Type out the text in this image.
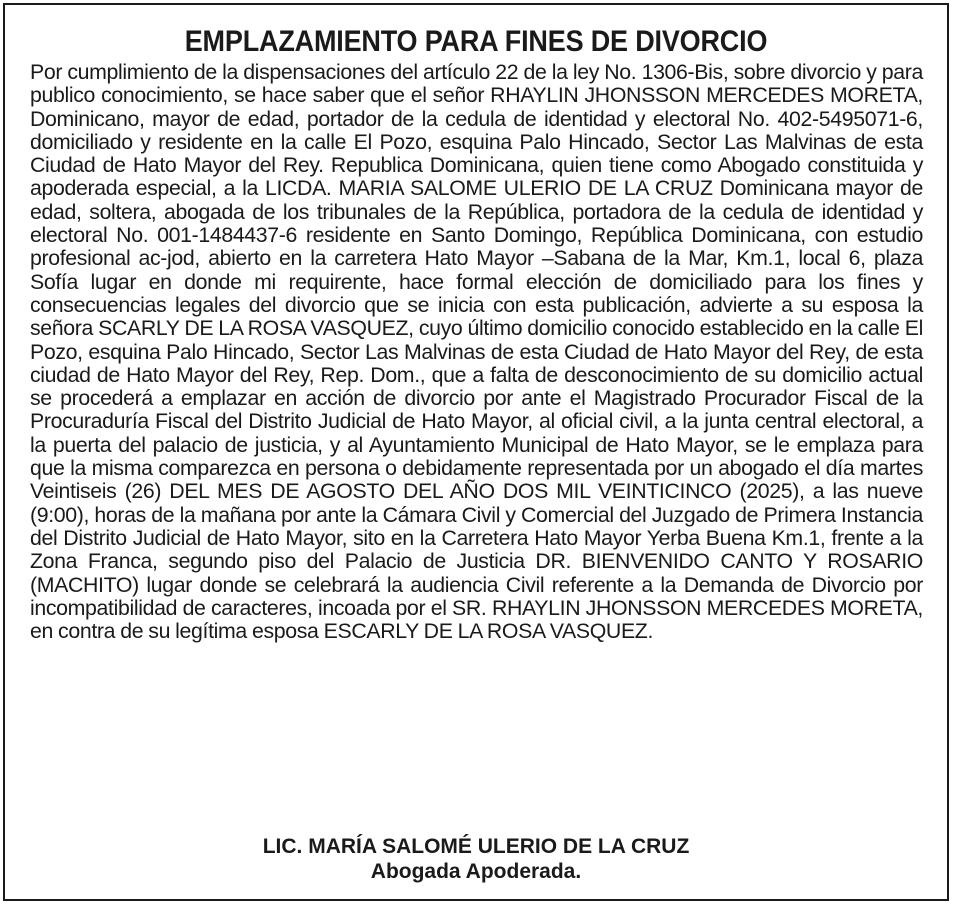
EMPLAZAMIENTO PARA FINES DE DIVORCIO

Por cumplimiento de la dispensaciones del artículo 22 de la ley No. 1306-Bis, sobre divorcio y para publico conocimiento, se hace saber que el señor RHAYLIN JHONSSON MERCEDES MORETA, Dominicano, mayor de edad, portador de la cedula de identidad y electoral No. 402-5495071-6, domiciliado y residente en la calle El Pozo, esquina Palo Hincado, Sector Las Malvinas de esta Ciudad de Hato Mayor del Rey. Republica Dominicana, quien tiene como Abogado constituida y apoderada especial, a la LICDA. MARIA SALOME ULERIO DE LA CRUZ Dominicana mayor de edad, soltera, abogada de los tribunales de la República, portadora de la cedula de identidad y electoral No. 001-1484437-6 residente en Santo Domingo, República Dominicana, con estudio profesional ac-jod, abierto en la carretera Hato Mayor –Sabana de la Mar, Km.1, local 6, plaza Sofía lugar en donde mi requirente, hace formal elección de domiciliado para los fines y consecuencias legales del divorcio que se inicia con esta publicación, advierte a su esposa la señora SCARLY DE LA ROSA VASQUEZ, cuyo último domicilio conocido establecido en la calle El Pozo, esquina Palo Hincado, Sector Las Malvinas de esta Ciudad de Hato Mayor del Rey, de esta ciudad de Hato Mayor del Rey, Rep. Dom., que a falta de desconocimiento de su domicilio actual se procederá a emplazar en acción de divorcio por ante el Magistrado Procurador Fiscal de la Procuraduría Fiscal del Distrito Judicial de Hato Mayor, al oficial civil, a la junta central electoral, a la puerta del palacio de justicia, y al Ayuntamiento Municipal de Hato Mayor, se le emplaza para que la misma comparezca en persona o debidamente representada por un abogado el día martes Veintiseis (26) DEL MES DE AGOSTO DEL AÑO DOS MIL VEINTICINCO (2025), a las nueve (9:00), horas de la mañana por ante la Cámara Civil y Comercial del Juzgado de Primera Instancia del Distrito Judicial de Hato Mayor, sito en la Carretera Hato Mayor Yerba Buena Km.1, frente a la Zona Franca, segundo piso del Palacio de Justicia DR. BIENVENIDO CANTO Y ROSARIO (MACHITO) lugar donde se celebrará la audiencia Civil referente a la Demanda de Divorcio por incompatibilidad de caracteres, incoada por el SR. RHAYLIN JHONSSON MERCEDES MORETA, en contra de su legítima esposa ESCARLY DE LA ROSA VASQUEZ.

LIC. MARÍA SALOMÉ ULERIO DE LA CRUZ

Abogada Apoderada.
